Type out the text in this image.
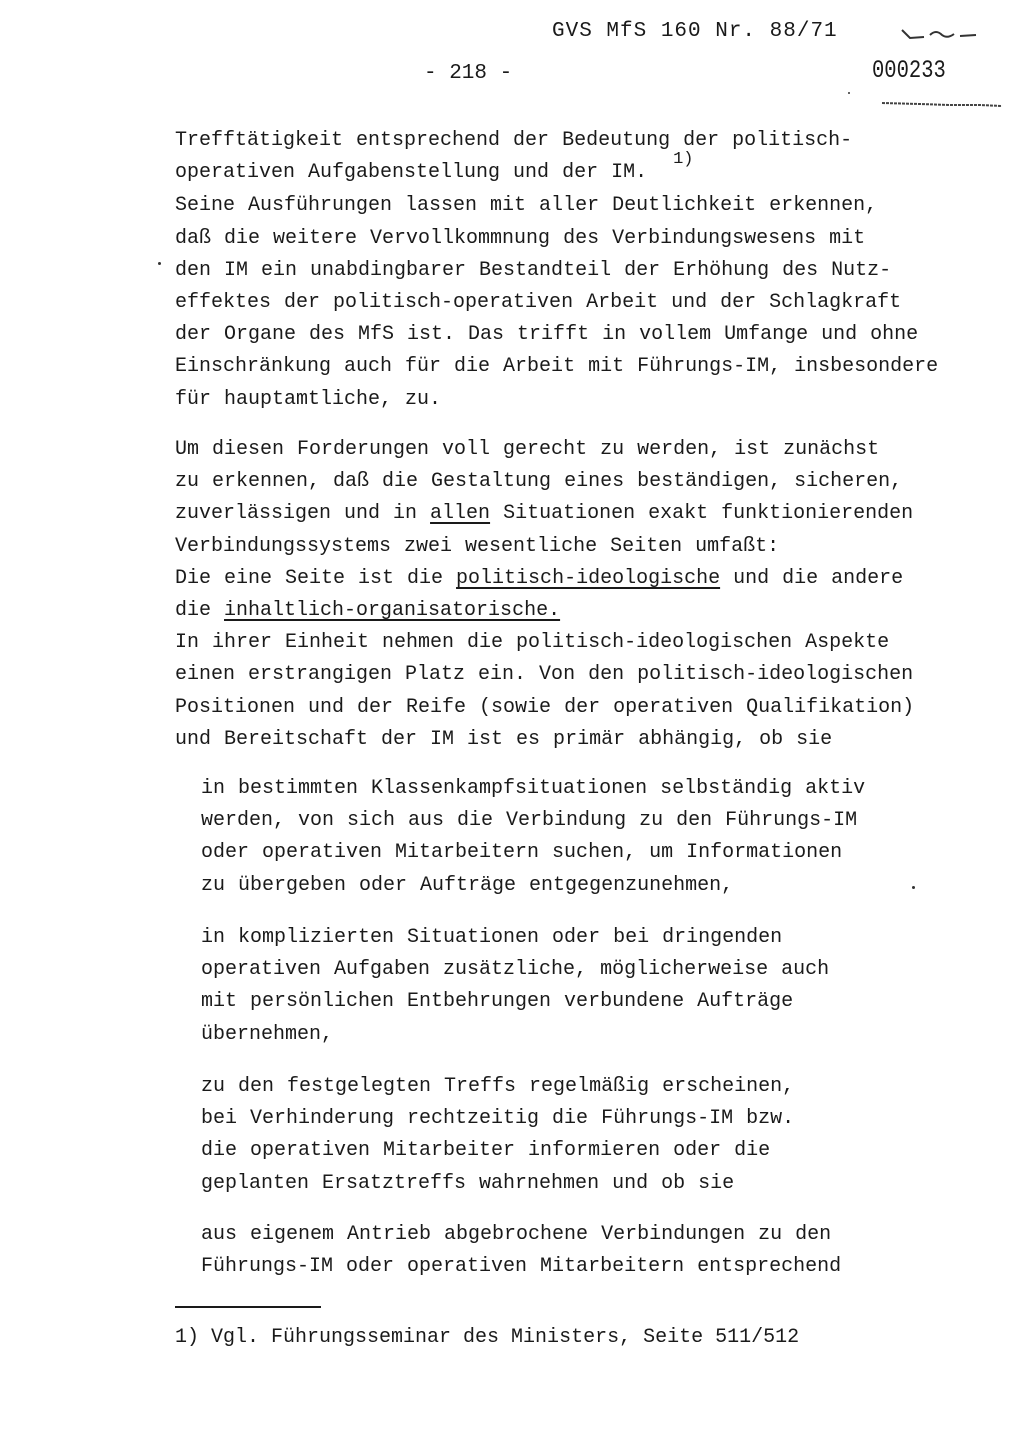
GVS MfS 160 Nr. 88/71
000233
- 218 -
Trefftätigkeit entsprechend der Bedeutung der politisch-
operativen Aufgabenstellung und der IM.  $^{1)}$
Seine Ausführungen lassen mit aller Deutlichkeit erkennen,
daß die weitere Vervollkommnung des Verbindungswesens mit
den IM ein unabdingbarer Bestandteil der Erhöhung des Nutz-
effektes der politisch-operativen Arbeit und der Schlagkraft
der Organe des MfS ist. Das trifft in vollem Umfange und ohne
Einschränkung auch für die Arbeit mit Führungs-IM, insbesondere
für hauptamtliche, zu.
Um diesen Forderungen voll gerecht zu werden, ist zunächst
zu erkennen, daß die Gestaltung eines beständigen, sicheren,
zuverlässigen und in allen Situationen exakt funktionierenden
Verbindungssystems zwei wesentliche Seiten umfaßt:
Die eine Seite ist die politisch-ideologische und die andere
die inhaltlich-organisatorische.
In ihrer Einheit nehmen die politisch-ideologischen Aspekte
einen erstrangigen Platz ein. Von den politisch-ideologischen
Positionen und der Reife (sowie der operativen Qualifikation)
und Bereitschaft der IM ist es primär abhängig, ob sie
in bestimmten Klassenkampfsituationen selbständig aktiv
werden, von sich aus die Verbindung zu den Führungs-IM
oder operativen Mitarbeitern suchen, um Informationen
zu übergeben oder Aufträge entgegenzunehmen,
in komplizierten Situationen oder bei dringenden
operativen Aufgaben zusätzliche, möglicherweise auch
mit persönlichen Entbehrungen verbundene Aufträge
übernehmen,
zu den festgelegten Treffs regelmäßig erscheinen,
bei Verhinderung rechtzeitig die Führungs-IM bzw.
die operativen Mitarbeiter informieren oder die
geplanten Ersatztreffs wahrnehmen und ob sie
aus eigenem Antrieb abgebrochene Verbindungen zu den
Führungs-IM oder operativen Mitarbeitern entsprechend
1) Vgl. Führungsseminar des Ministers, Seite 511/512
